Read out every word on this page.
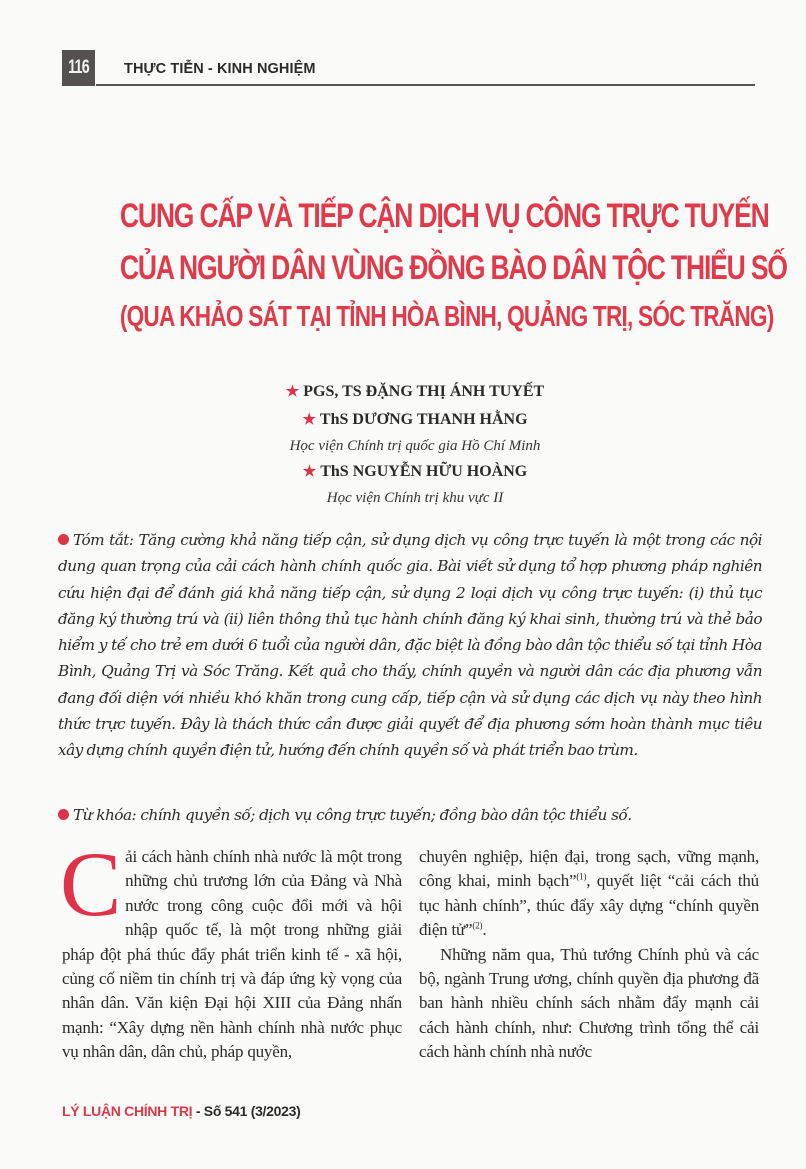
116	THỰC TIỄN - KINH NGHIỆM
CUNG CẤP VÀ TIẾP CẬN DỊCH VỤ CÔNG TRỰC TUYẾN
CỦA NGƯỜI DÂN VÙNG ĐỒNG BÀO DÂN TỘC THIỂU SỐ
(QUA KHẢO SÁT TẠI TỈNH HÒA BÌNH, QUẢNG TRỊ, SÓC TRĂNG)
★ PGS, TS ĐẶNG THỊ ÁNH TUYẾT
★ ThS DƯƠNG THANH HẰNG
Học viện Chính trị quốc gia Hồ Chí Minh
★ ThS NGUYỄN HỮU HOÀNG
Học viện Chính trị khu vực II
Tóm tắt: Tăng cường khả năng tiếp cận, sử dụng dịch vụ công trực tuyến là một trong các nội dung quan trọng của cải cách hành chính quốc gia. Bài viết sử dụng tổ hợp phương pháp nghiên cứu hiện đại để đánh giá khả năng tiếp cận, sử dụng 2 loại dịch vụ công trực tuyến: (i) thủ tục đăng ký thường trú và (ii) liên thông thủ tục hành chính đăng ký khai sinh, thường trú và thẻ bảo hiểm y tế cho trẻ em dưới 6 tuổi của người dân, đặc biệt là đồng bào dân tộc thiểu số tại tỉnh Hòa Bình, Quảng Trị và Sóc Trăng. Kết quả cho thấy, chính quyền và người dân các địa phương vẫn đang đối diện với nhiều khó khăn trong cung cấp, tiếp cận và sử dụng các dịch vụ này theo hình thức trực tuyến. Đây là thách thức cần được giải quyết để địa phương sớm hoàn thành mục tiêu xây dựng chính quyền điện tử, hướng đến chính quyền số và phát triển bao trùm.
Từ khóa: chính quyền số; dịch vụ công trực tuyến; đồng bào dân tộc thiểu số.
C ải cách hành chính nhà nước là một trong những chủ trương lớn của Đảng và Nhà nước trong công cuộc đổi mới và hội nhập quốc tế, là một trong những giải pháp đột phá thúc đẩy phát triển kinh tế - xã hội, củng cố niềm tin chính trị và đáp ứng kỳ vọng của nhân dân. Văn kiện Đại hội XIII của Đảng nhấn mạnh: “Xây dựng nền hành chính nhà nước phục vụ nhân dân, dân chủ, pháp quyền,

chuyên nghiệp, hiện đại, trong sạch, vững mạnh, công khai, minh bạch”$^{(1)}$, quyết liệt “cải cách thủ tục hành chính”, thúc đẩy xây dựng “chính quyền điện tử”$^{(2)}$.

Những năm qua, Thủ tướng Chính phủ và các bộ, ngành Trung ương, chính quyền địa phương đã ban hành nhiều chính sách nhằm đẩy mạnh cải cách hành chính, như: Chương trình tổng thể cải cách hành chính nhà nước

LÝ LUẬN CHÍNH TRỊ - Số 541 (3/2023)
